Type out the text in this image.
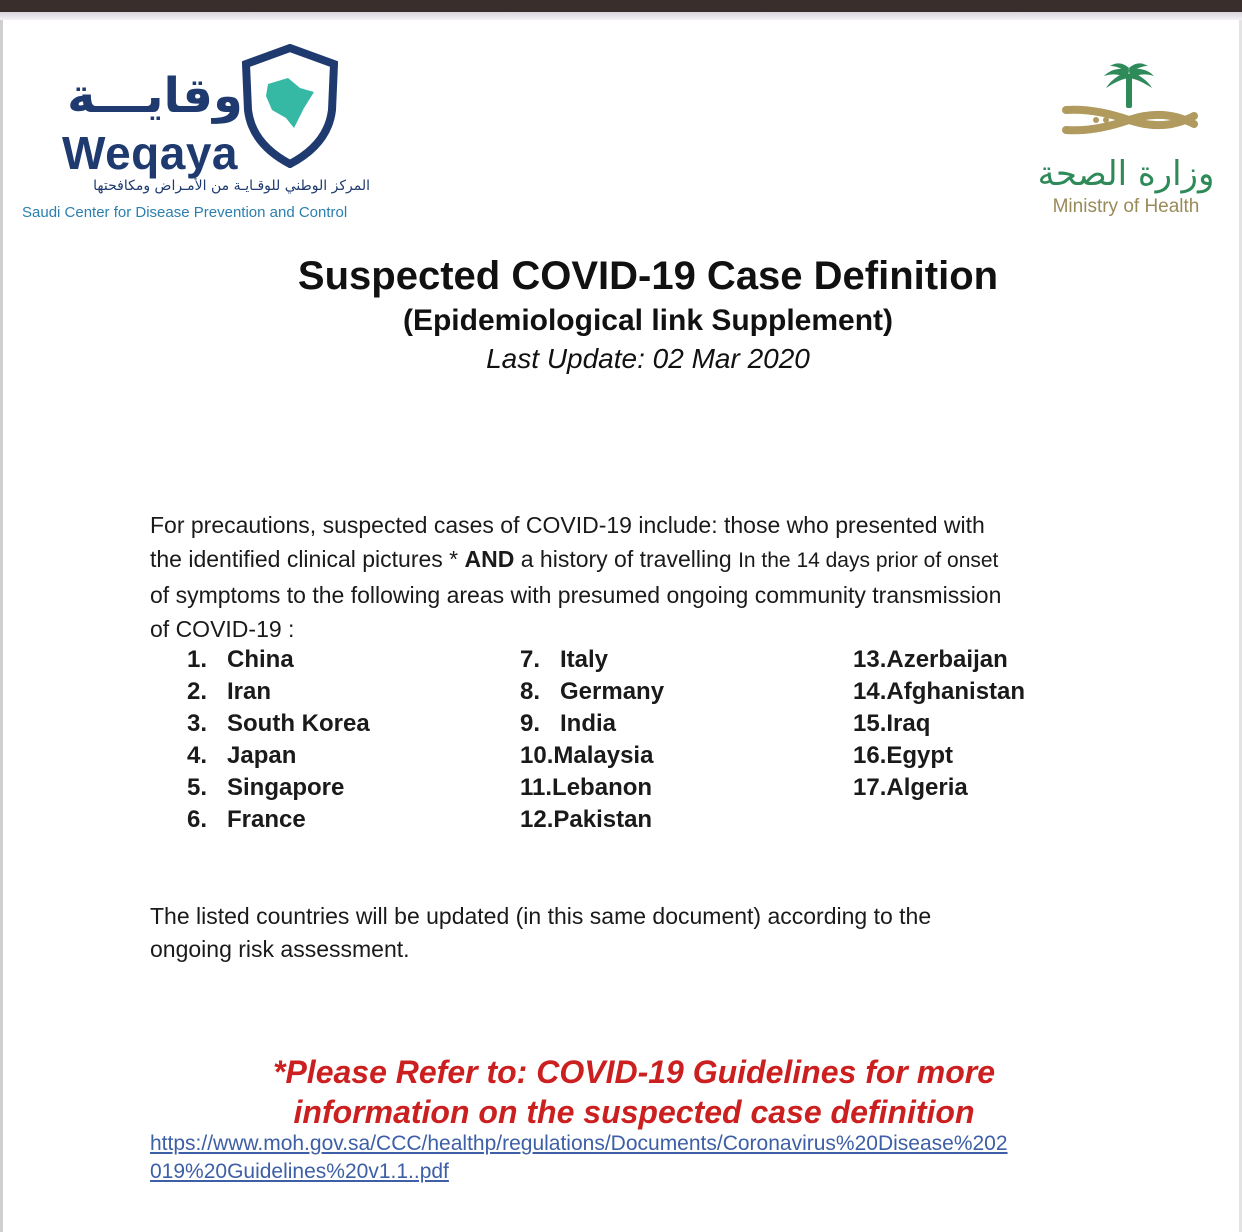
وقايـــة
Weqaya
المركز الوطني للوقـايـة من الأمـراض ومكافحتها
Saudi Center for Disease Prevention and Control
وزارة الصحة
Ministry of Health
Suspected COVID-19 Case Definition
(Epidemiological link Supplement)
Last Update: 02 Mar 2020
For precautions, suspected cases of COVID-19 include: those who presented with
the identified clinical pictures * AND a history of travelling In the 14 days prior of onset
of symptoms to the following areas with presumed ongoing community transmission
of COVID-19 :
1. China
2. Iran
3. South Korea
4. Japan
5. Singapore
6. France
7. Italy
8. Germany
9. India
10. Malaysia
11. Lebanon
12. Pakistan
13. Azerbaijan
14. Afghanistan
15. Iraq
16. Egypt
17. Algeria
The listed countries will be updated (in this same document) according to the
ongoing risk assessment.
*Please Refer to: COVID-19 Guidelines for more
information on the suspected case definition
https://www.moh.gov.sa/CCC/healthp/regulations/Documents/Coronavirus%20Disease%202
019%20Guidelines%20v1.1..pdf
